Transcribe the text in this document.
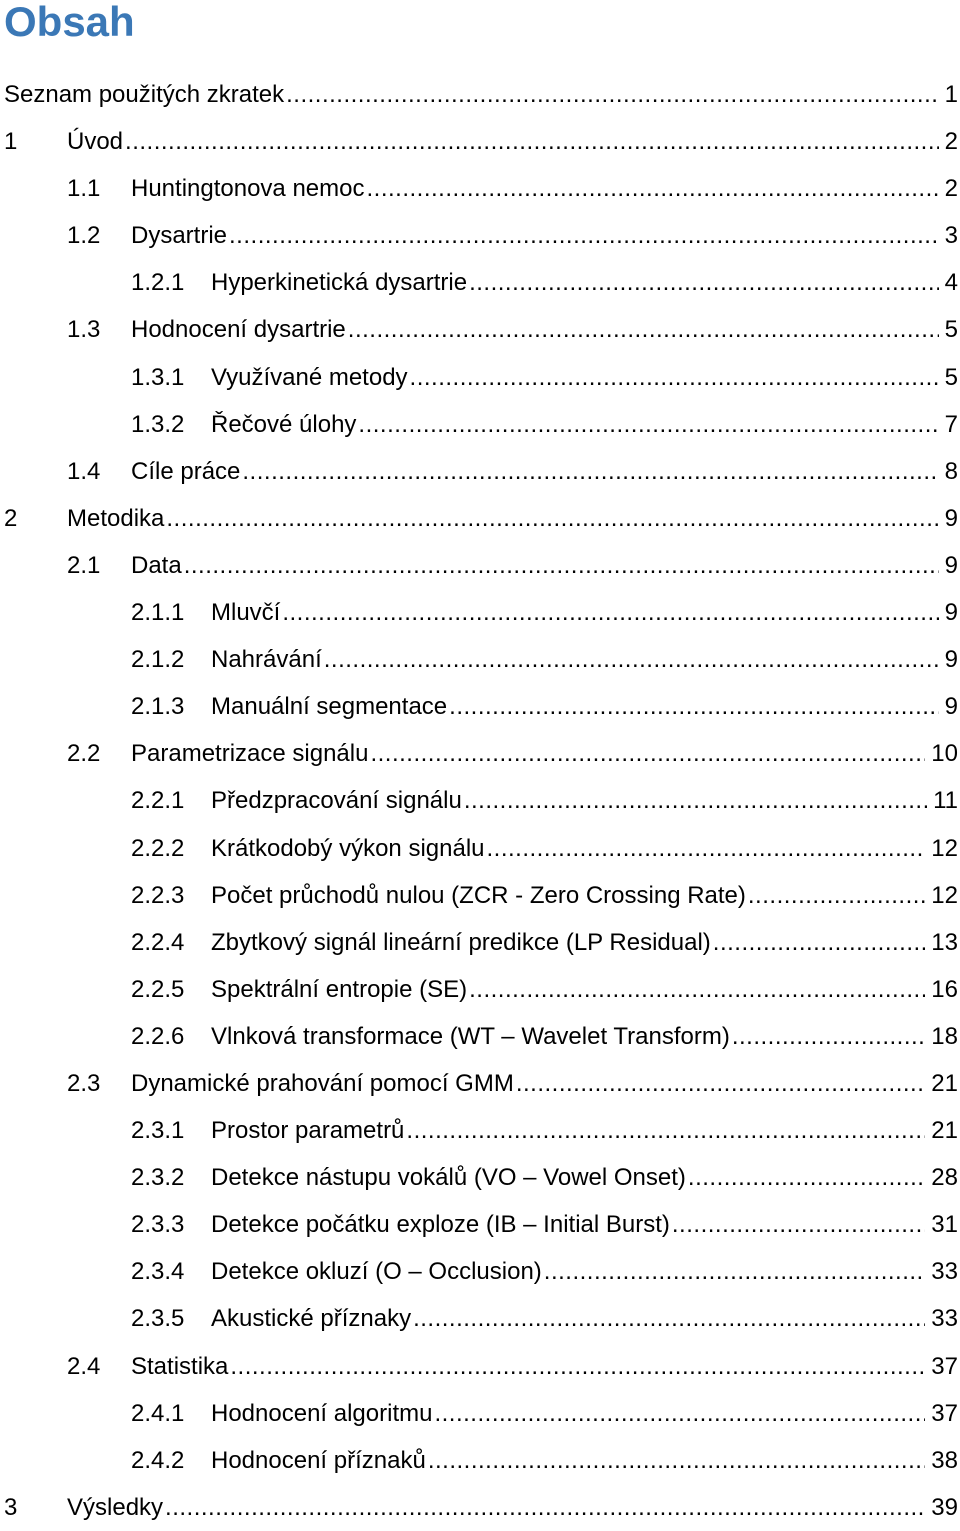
Obsah
Seznam použitých zkratek .....	1
1 Úvod .....	2
1.1 Huntingtonova nemoc .....	2
1.2 Dysartrie .....	3
1.2.1 Hyperkinetická dysartrie .....	4
1.3 Hodnocení dysartrie .....	5
1.3.1 Využívané metody .....	5
1.3.2 Řečové úlohy .....	7
1.4 Cíle práce .....	8
2 Metodika .....	9
2.1 Data .....	9
2.1.1 Mluvčí .....	9
2.1.2 Nahrávání .....	9
2.1.3 Manuální segmentace .....	9
2.2 Parametrizace signálu .....	10
2.2.1 Předzpracování signálu .....	11
2.2.2 Krátkodobý výkon signálu .....	12
2.2.3 Počet průchodů nulou (ZCR - Zero Crossing Rate) .....	12
2.2.4 Zbytkový signál lineární predikce (LP Residual) .....	13
2.2.5 Spektrální entropie (SE) .....	16
2.2.6 Vlnková transformace (WT – Wavelet Transform) .....	18
2.3 Dynamické prahování pomocí GMM .....	21
2.3.1 Prostor parametrů .....	21
2.3.2 Detekce nástupu vokálů (VO – Vowel Onset) .....	28
2.3.3 Detekce počátku exploze (IB – Initial Burst) .....	31
2.3.4 Detekce okluzí (O – Occlusion) .....	33
2.3.5 Akustické příznaky .....	33
2.4 Statistika .....	37
2.4.1 Hodnocení algoritmu .....	37
2.4.2 Hodnocení příznaků .....	38
3 Výsledky .....	39
